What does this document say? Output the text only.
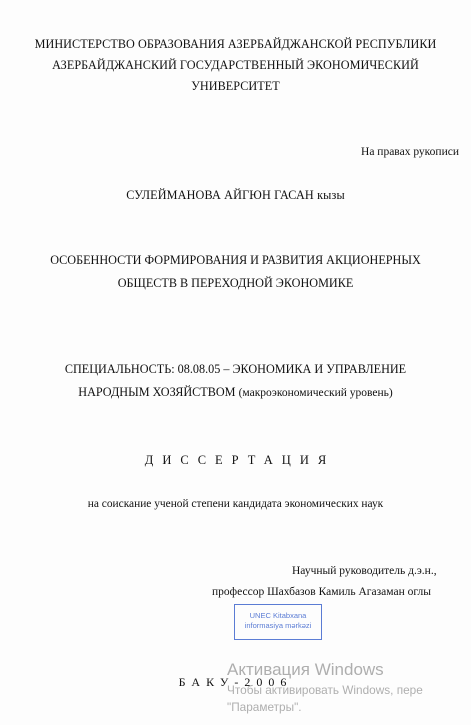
МИНИСТЕРСТВО ОБРАЗОВАНИЯ АЗЕРБАЙДЖАНСКОЙ РЕСПУБЛИКИ
АЗЕРБАЙДЖАНСКИЙ ГОСУДАРСТВЕННЫЙ ЭКОНОМИЧЕСКИЙ
УНИВЕРСИТЕТ
На правах рукописи
СУЛЕЙМАНОВА АЙГЮН ГАСАН кызы
ОСОБЕННОСТИ ФОРМИРОВАНИЯ И РАЗВИТИЯ АКЦИОНЕРНЫХ
ОБЩЕСТВ В ПЕРЕХОДНОЙ ЭКОНОМИКЕ
СПЕЦИАЛЬНОСТЬ: 08.08.05 – ЭКОНОМИКА И УПРАВЛЕНИЕ
НАРОДНЫМ ХОЗЯЙСТВОМ (макроэкономический уровень)
ДИССЕРТАЦИЯ
на соискание ученой степени кандидата экономических наук
Научный руководитель д.э.н.,
профессор Шахбазов Камиль Агазаман оглы
UNEC Kitabxana
informasiya mərkəzi
БАКУ-2006
Активация Windows
Чтобы активировать Windows, пере
"Параметры".
